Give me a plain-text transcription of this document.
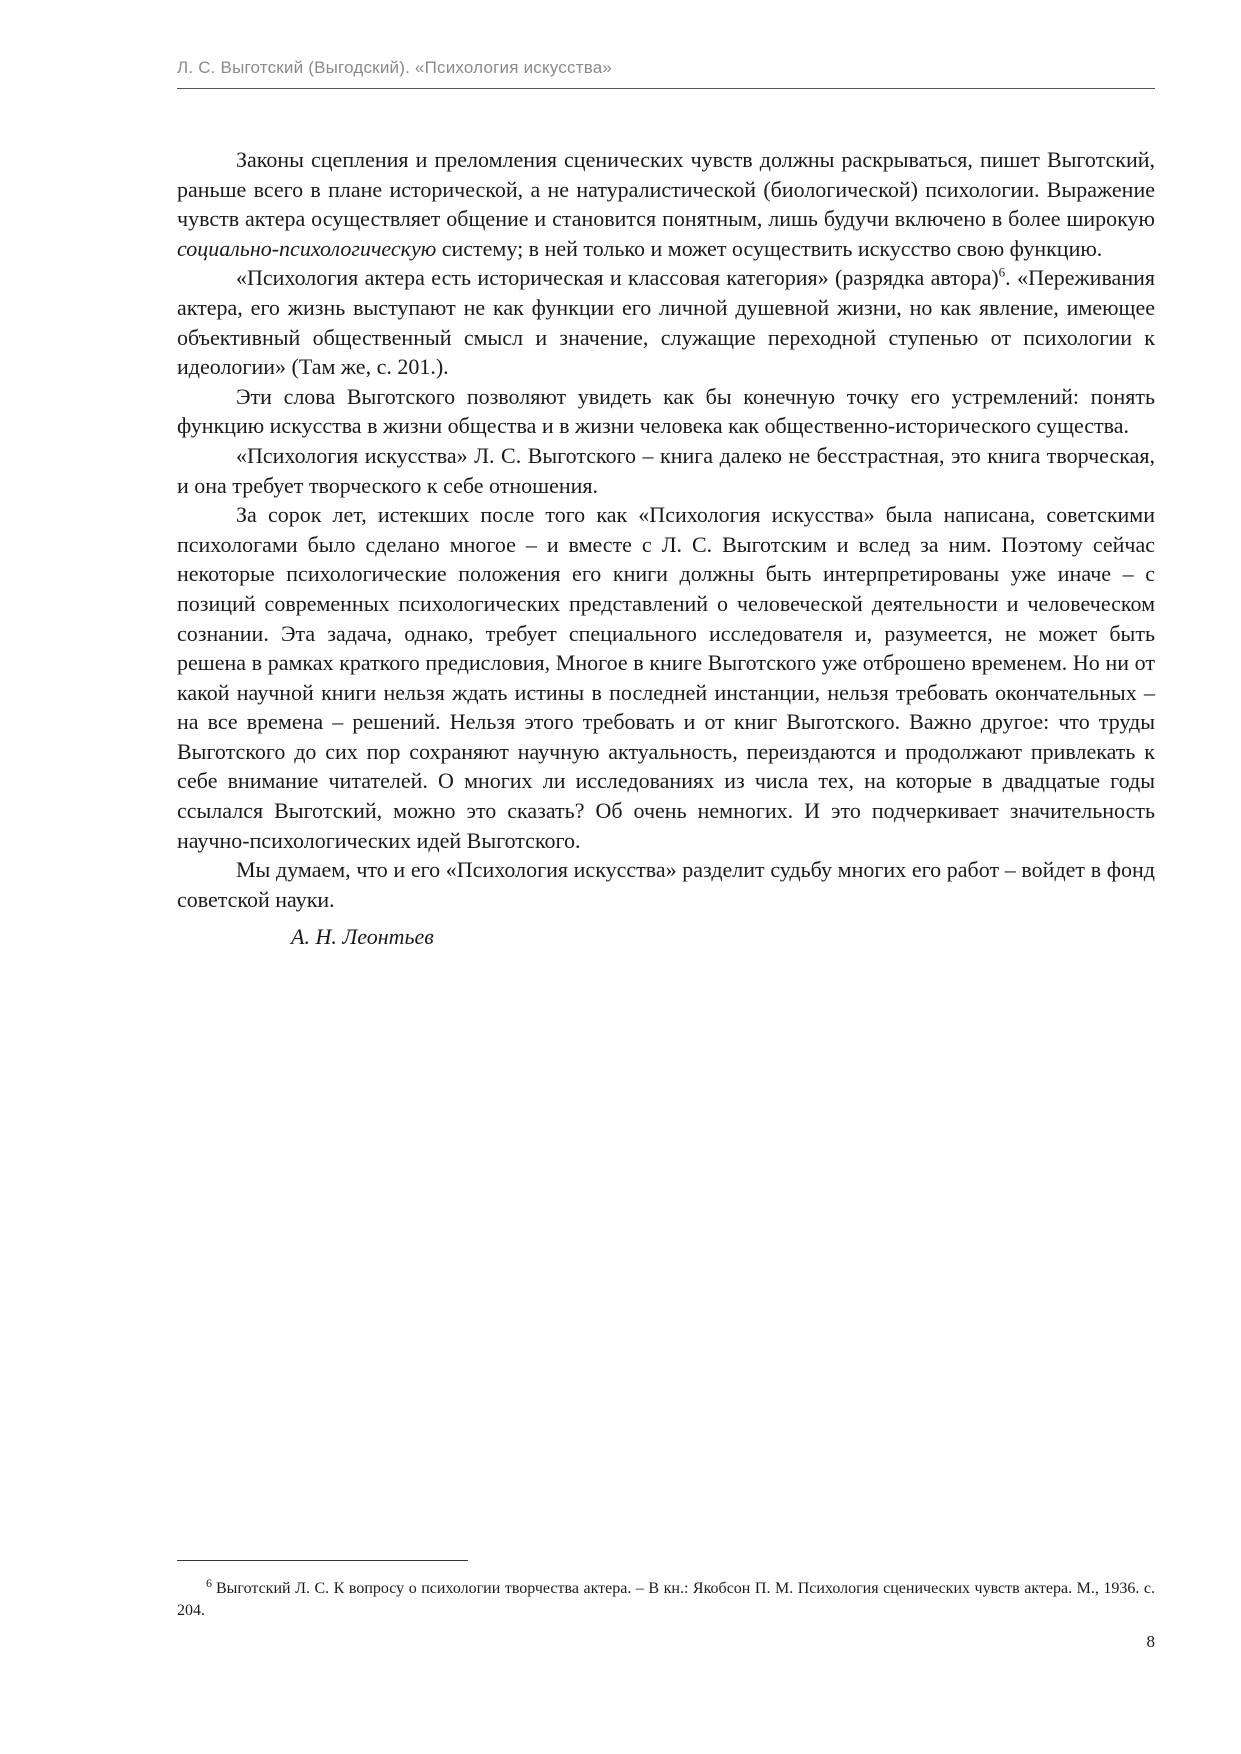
Л. С. Выготский (Выгодский). «Психология искусства»

Законы сцепления и преломления сценических чувств должны раскрываться, пишет Выготский, раньше всего в плане исторической, а не натуралистической (биологической) психологии. Выражение чувств актера осуществляет общение и становится понятным, лишь будучи включено в более широкую социально-психологическую систему; в ней только и может осуществить искусство свою функцию.

«Психология актера есть историческая и классовая категория» (разрядка автора)$^6$. «Переживания актера, его жизнь выступают не как функции его личной душевной жизни, но как явление, имеющее объективный общественный смысл и значение, служащие переходной ступенью от психологии к идеологии» (Там же, с. 201.).

Эти слова Выготского позволяют увидеть как бы конечную точку его устремлений: понять функцию искусства в жизни общества и в жизни человека как общественно-исторического существа.

«Психология искусства» Л. С. Выготского – книга далеко не бесстрастная, это книга творческая, и она требует творческого к себе отношения.

За сорок лет, истекших после того как «Психология искусства» была написана, советскими психологами было сделано многое – и вместе с Л. С. Выготским и вслед за ним. Поэтому сейчас некоторые психологические положения его книги должны быть интерпретированы уже иначе – с позиций современных психологических представлений о человеческой деятельности и человеческом сознании. Эта задача, однако, требует специального исследователя и, разумеется, не может быть решена в рамках краткого предисловия, Многое в книге Выготского уже отброшено временем. Но ни от какой научной книги нельзя ждать истины в последней инстанции, нельзя требовать окончательных – на все времена – решений. Нельзя этого требовать и от книг Выготского. Важно другое: что труды Выготского до сих пор сохраняют научную актуальность, переиздаются и продолжают привлекать к себе внимание читателей. О многих ли исследованиях из числа тех, на которые в двадцатые годы ссылался Выготский, можно это сказать? Об очень немногих. И это подчеркивает значительность научно-психологических идей Выготского.

Мы думаем, что и его «Психология искусства» разделит судьбу многих его работ – войдет в фонд советской науки.

А. Н. Леонтьев

$^6$ Выготский Л. С. К вопросу о психологии творчества актера. – В кн.: Якобсон П. М. Психология сценических чувств актера. М., 1936. с. 204.

8
